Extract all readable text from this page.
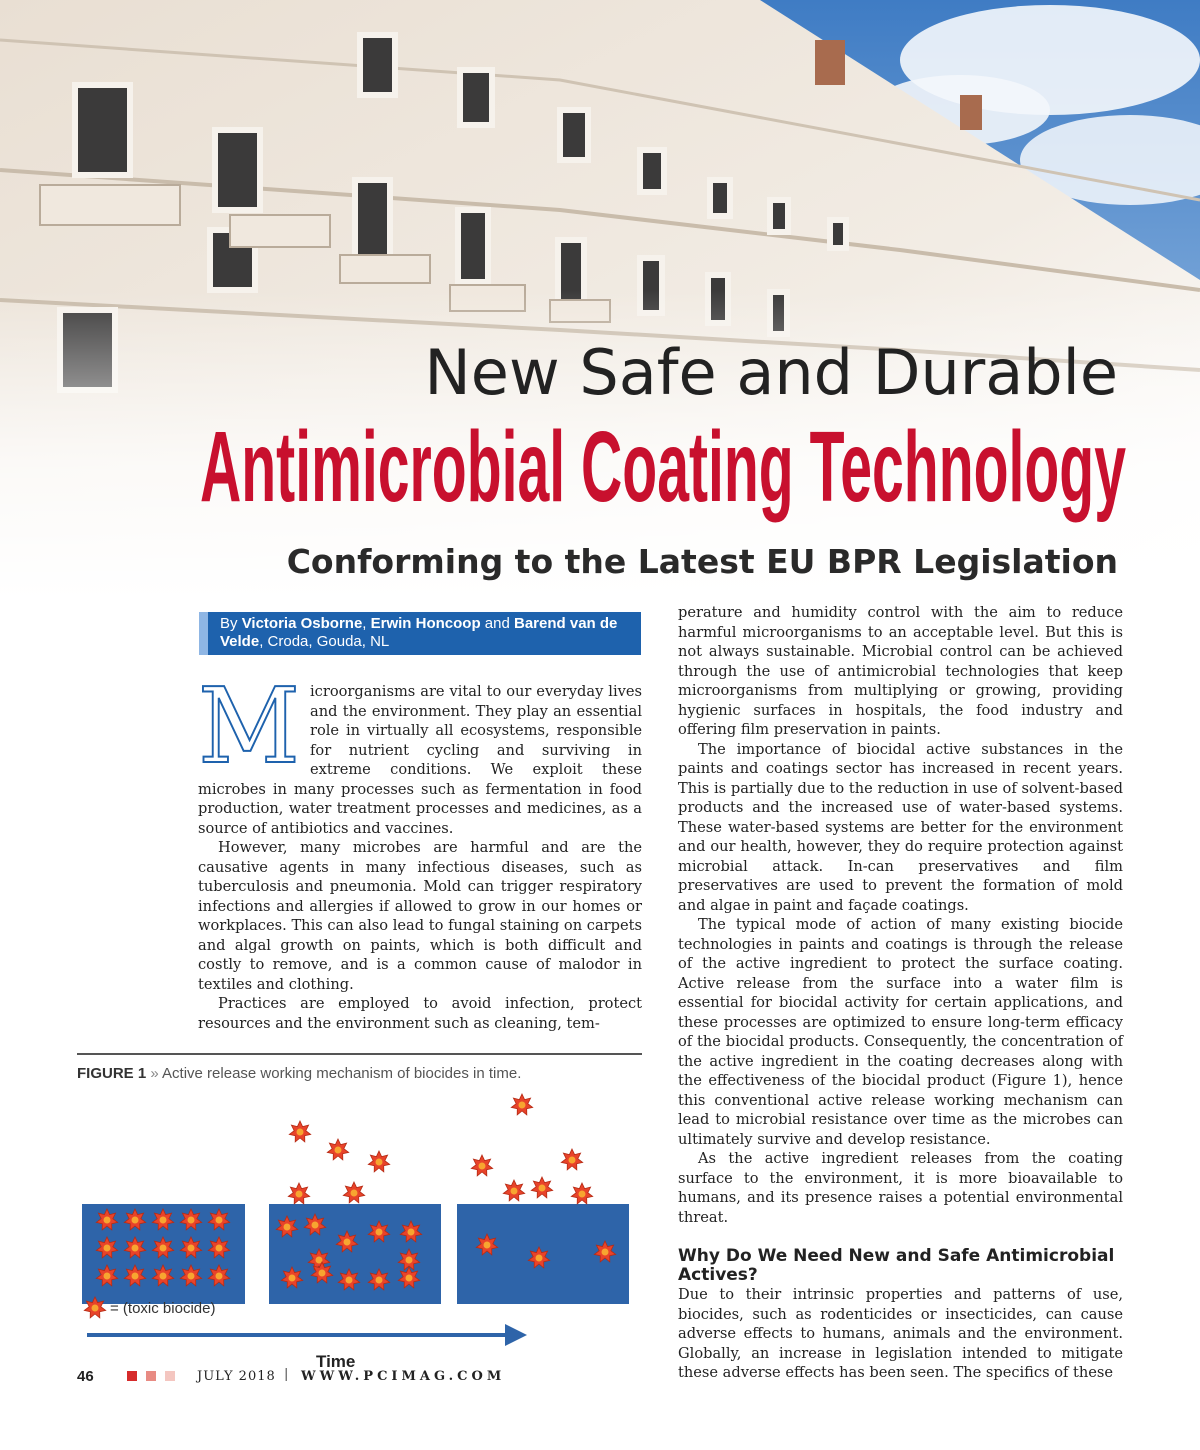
New Safe and Durable
Antimicrobial Coating Technology
Conforming to the Latest EU BPR Legislation
By Victoria Osborne, Erwin Honcoop and Barend van de Velde, Croda, Gouda, NL
M icroorganisms are vital to our everyday lives and the environment. They play an essential role in virtually all ecosystems, responsible for nutrient cycling and surviving in extreme conditions. We exploit these microbes in many processes such as fermentation in food production, water treatment processes and medicines, as a source of antibiotics and vaccines.

However, many microbes are harmful and are the causative agents in many infectious diseases, such as tuberculosis and pneumonia. Mold can trigger respiratory infections and allergies if allowed to grow in our homes or workplaces. This can also lead to fungal staining on carpets and algal growth on paints, which is both difficult and costly to remove, and is a common cause of malodor in textiles and clothing.

Practices are employed to avoid infection, protect resources and the environment such as cleaning, tem-

FIGURE 1 » Active release working mechanism of biocides in time.
= (toxic biocide)
Time

perature and humidity control with the aim to reduce harmful microorganisms to an acceptable level. But this is not always sustainable. Microbial control can be achieved through the use of antimicrobial technologies that keep microorganisms from multiplying or growing, providing hygienic surfaces in hospitals, the food industry and offering film preservation in paints.

The importance of biocidal active substances in the paints and coatings sector has increased in recent years. This is partially due to the reduction in use of solvent-based products and the increased use of water-based systems. These water-based systems are better for the environment and our health, however, they do require protection against microbial attack. In-can preservatives and film preservatives are used to prevent the formation of mold and algae in paint and façade coatings.

The typical mode of action of many existing biocide technologies in paints and coatings is through the release of the active ingredient to protect the surface coating. Active release from the surface into a water film is essential for biocidal activity for certain applications, and these processes are optimized to ensure long-term efficacy of the biocidal products. Consequently, the concentration of the active ingredient in the coating decreases along with the effectiveness of the biocidal product (Figure 1), hence this conventional active release working mechanism can lead to microbial resistance over time as the microbes can ultimately survive and develop resistance.

As the active ingredient releases from the coating surface to the environment, it is more bioavailable to humans, and its presence raises a potential environmental threat.

Why Do We Need New and Safe Antimicrobial Actives?

Due to their intrinsic properties and patterns of use, biocides, such as rodenticides or insecticides, can cause adverse effects to humans, animals and the environment. Globally, an increase in legislation intended to mitigate these adverse effects has been seen. The specifics of these

46	JULY 2018 | WWW.PCIMAG.COM
